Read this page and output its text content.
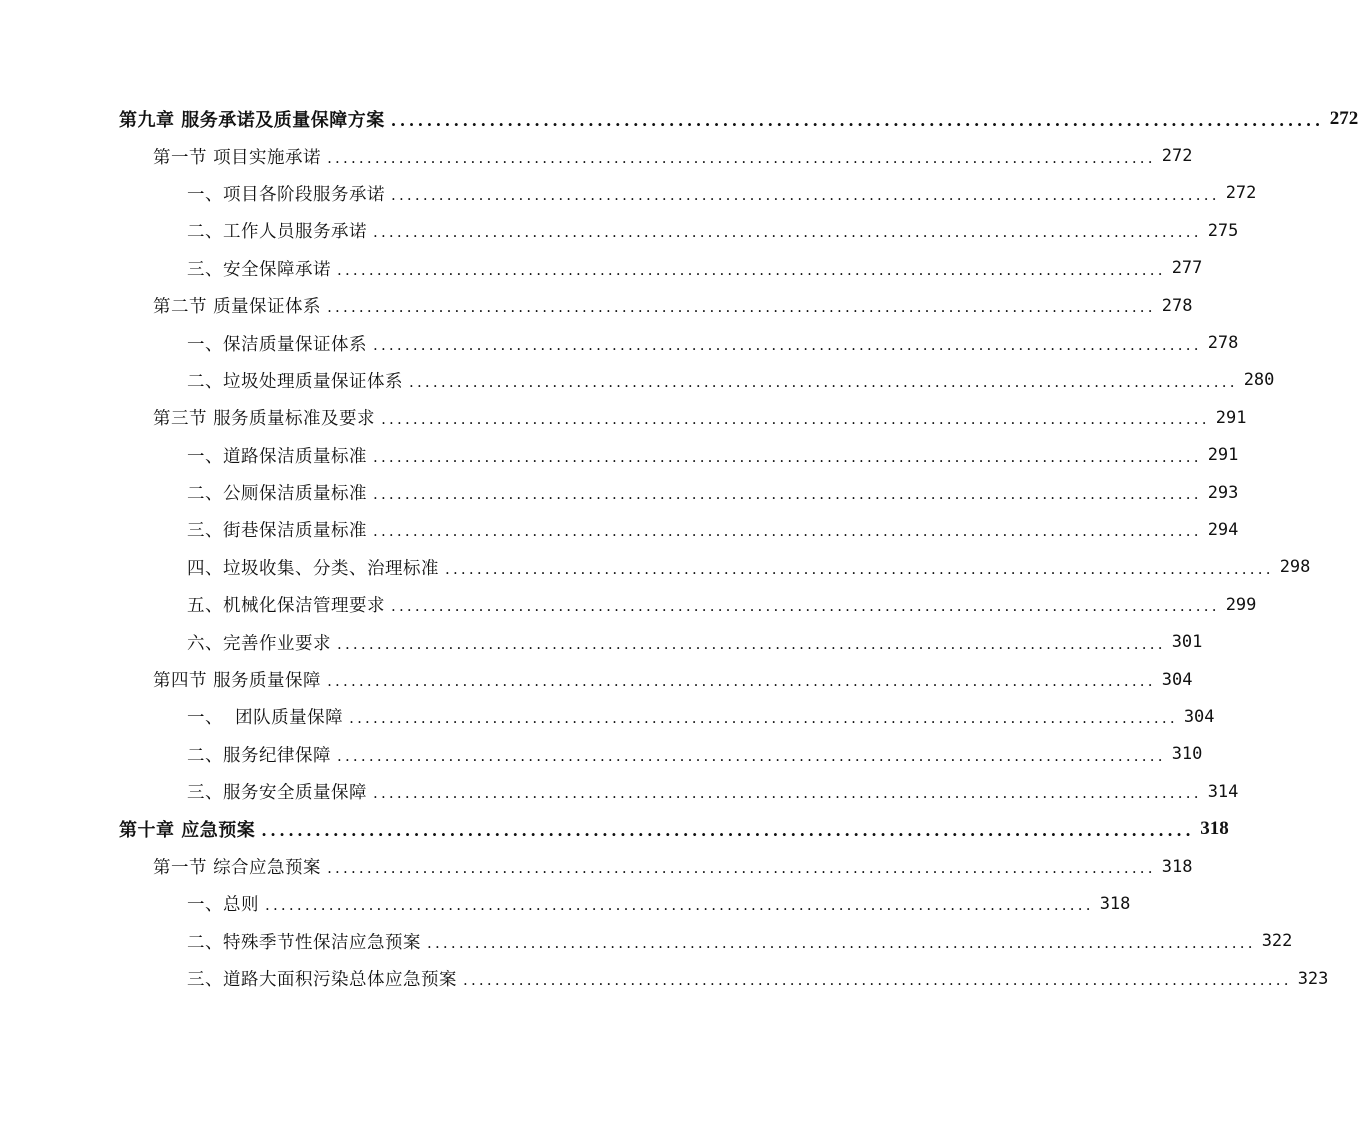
第九章 服务承诺及质量保障方案 ........................................................................................................ 272
第一节 项目实施承诺 ........................................................................................................ 272
一、项目各阶段服务承诺 ........................................................................................................ 272
二、工作人员服务承诺 ........................................................................................................ 275
三、安全保障承诺 ........................................................................................................ 277
第二节 质量保证体系 ........................................................................................................ 278
一、保洁质量保证体系 ........................................................................................................ 278
二、垃圾处理质量保证体系 ........................................................................................................ 280
第三节 服务质量标准及要求 ........................................................................................................ 291
一、道路保洁质量标准 ........................................................................................................ 291
二、公厕保洁质量标准 ........................................................................................................ 293
三、街巷保洁质量标准 ........................................................................................................ 294
四、垃圾收集、分类、治理标准 ........................................................................................................ 298
五、机械化保洁管理要求 ........................................................................................................ 299
六、完善作业要求 ........................................................................................................ 301
第四节 服务质量保障 ........................................................................................................ 304
一、  团队质量保障 ........................................................................................................ 304
二、服务纪律保障 ........................................................................................................ 310
三、服务安全质量保障 ........................................................................................................ 314
第十章 应急预案 ........................................................................................................ 318
第一节 综合应急预案 ........................................................................................................ 318
一、总则 ........................................................................................................ 318
二、特殊季节性保洁应急预案 ........................................................................................................ 322
三、道路大面积污染总体应急预案 ........................................................................................................ 323
